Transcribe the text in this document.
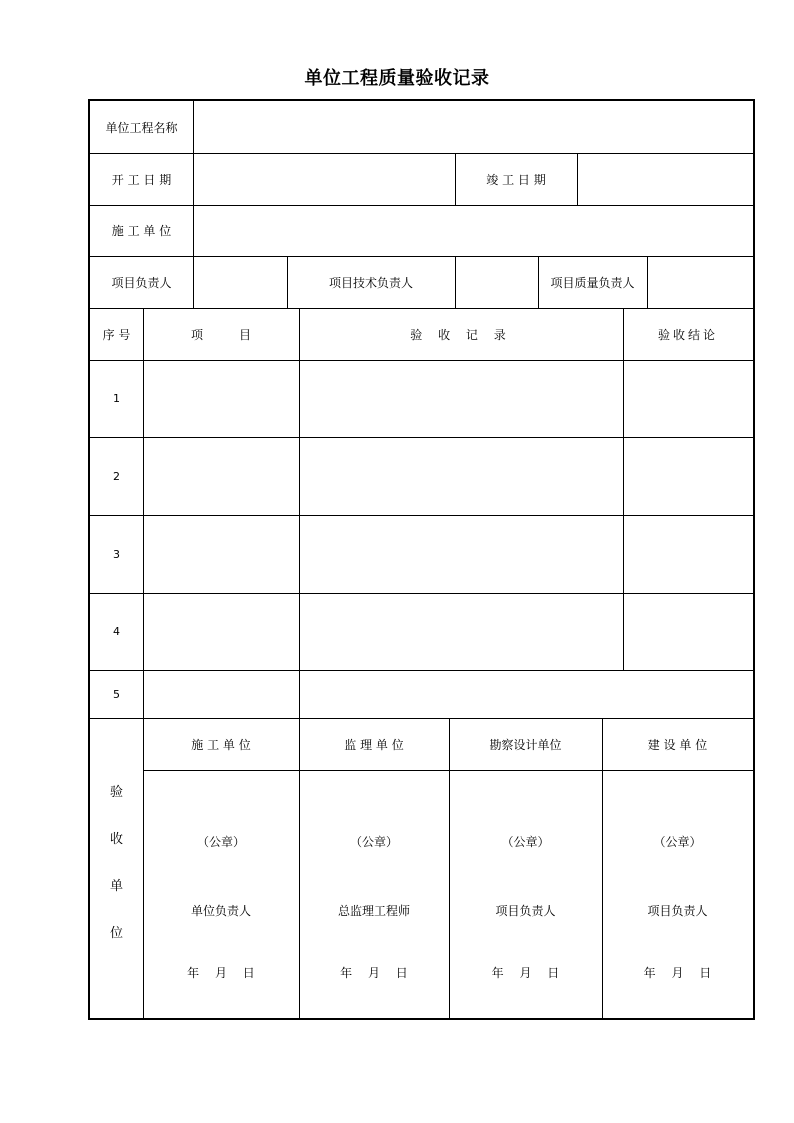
单位工程质量验收记录
单位工程名称
开 工 日 期	竣 工 日 期
施 工 单 位
项目负责人	项目技术负责人	项目质量负责人
序 号	项　　　目	验 收 记 录	验收结论
1
2
3
4
5
验
收
单
位
施 工 单 位	监 理 单 位	勘察设计单位	建 设 单 位
（公章）	（公章）	（公章）	（公章）
单位负责人	总监理工程师	项目负责人	项目负责人
年　 月　 日	年　 月　 日	年　 月　 日	年　 月　 日
